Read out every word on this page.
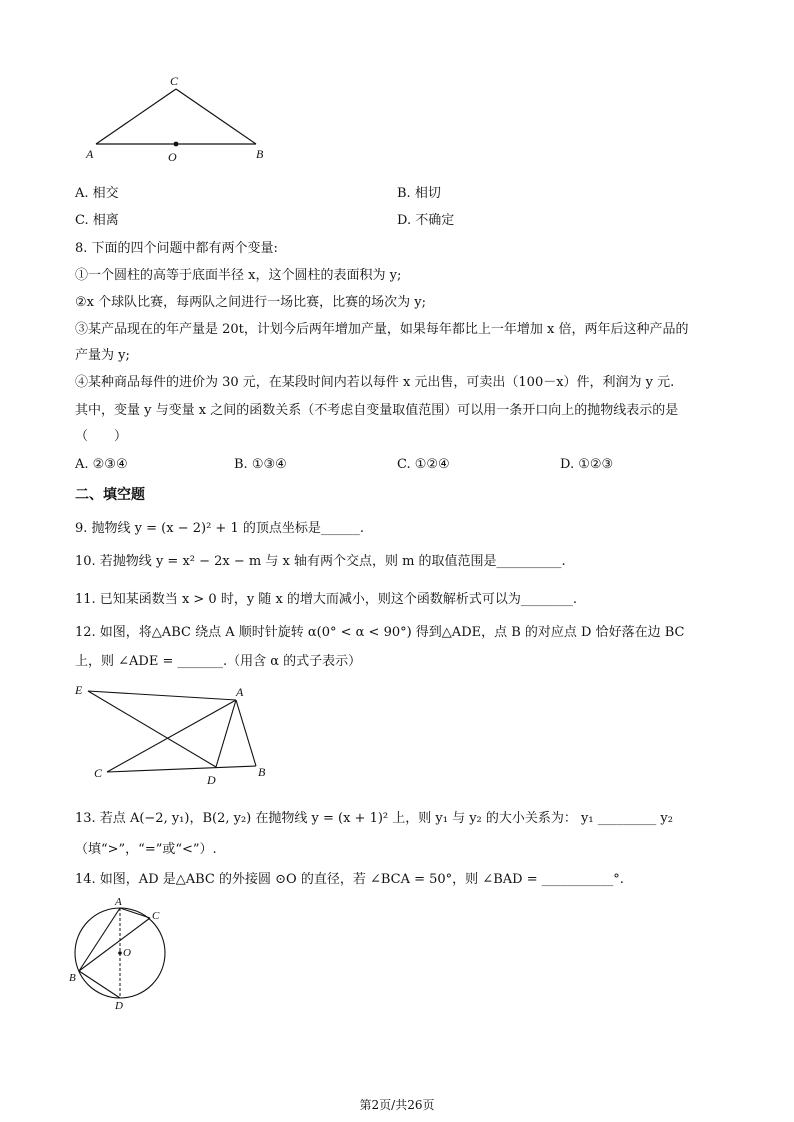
C
A	O	B
A. 相交	B. 相切
C. 相离	D. 不确定
8. 下面的四个问题中都有两个变量:
①一个圆柱的高等于底面半径 x，这个圆柱的表面积为 y;
②x 个球队比赛，每两队之间进行一场比赛，比赛的场次为 y;
③某产品现在的年产量是 20t，计划今后两年增加产量，如果每年都比上一年增加 x 倍，两年后这种产品的
产量为 y;
④某种商品每件的进价为 30 元，在某段时间内若以每件 x 元出售，可卖出（100－x）件，利润为 y 元.
其中，变量 y 与变量 x 之间的函数关系（不考虑自变量取值范围）可以用一条开口向上的抛物线表示的是
（　　）
A. ②③④	B. ①③④	C. ①②④	D. ①②③
二、填空题
9. 抛物线 y = (x − 2)² + 1 的顶点坐标是______.
10. 若抛物线 y = x² − 2x − m 与 x 轴有两个交点，则 m 的取值范围是__________.
11. 已知某函数当 x > 0 时，y 随 x 的增大而减小，则这个函数解析式可以为________.
12. 如图，将△ABC 绕点 A 顺时针旋转 α(0° < α < 90°) 得到△ADE，点 B 的对应点 D 恰好落在边 BC
上，则 ∠ADE = _______.（用含 α 的式子表示）
E	A
C	D
B
13. 若点 A(−2, y₁)，B(2, y₂) 在抛物线 y = (x + 1)² 上，则 y₁ 与 y₂ 的大小关系为： y₁ _________ y₂
（填“>”，“=”或“<”）.
14. 如图，AD 是△ABC 的外接圆 ⊙O 的直径，若 ∠BCA = 50°，则 ∠BAD = ___________°.
A
C
O
B
D
第2页/共26页
